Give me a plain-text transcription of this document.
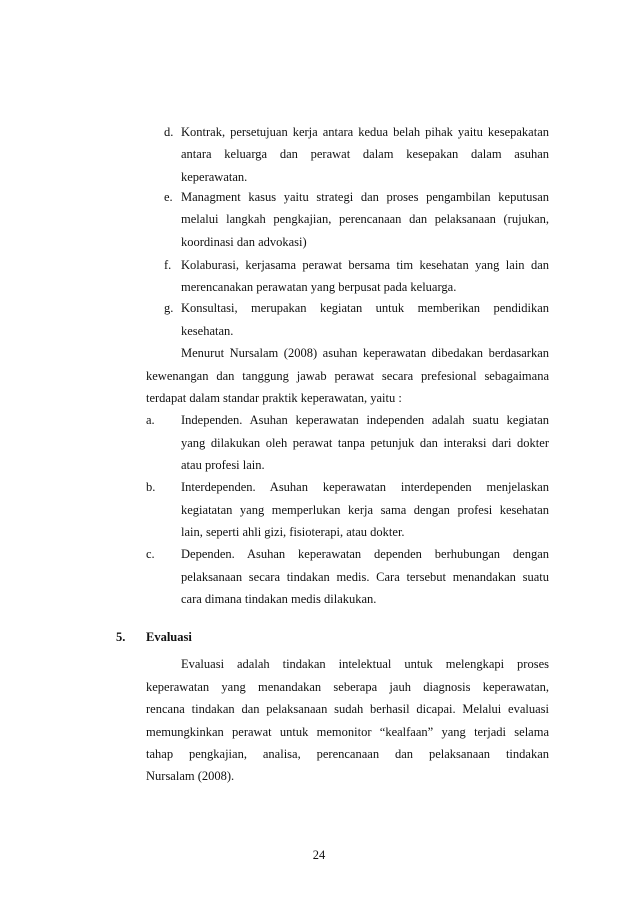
d. Kontrak, persetujuan kerja antara kedua belah pihak yaitu kesepakatan
antara keluarga dan perawat dalam kesepakan dalam asuhan
keperawatan.
e. Managment kasus yaitu strategi dan proses pengambilan keputusan
melalui langkah pengkajian, perencanaan dan pelaksanaan (rujukan,
koordinasi dan advokasi)
f. Kolaburasi, kerjasama perawat bersama tim kesehatan yang lain dan
merencanakan perawatan yang berpusat pada keluarga.
g. Konsultasi, merupakan kegiatan untuk memberikan pendidikan
kesehatan.
Menurut Nursalam (2008) asuhan keperawatan dibedakan berdasarkan
kewenangan dan tanggung jawab perawat secara prefesional sebagaimana
terdapat dalam standar praktik keperawatan, yaitu :
a. Independen. Asuhan keperawatan independen adalah suatu kegiatan
yang dilakukan oleh perawat tanpa petunjuk dan interaksi dari dokter
atau profesi lain.
b. Interdependen. Asuhan keperawatan interdependen menjelaskan
kegiatatan yang memperlukan kerja sama dengan profesi kesehatan
lain, seperti ahli gizi, fisioterapi, atau dokter.
c. Dependen. Asuhan keperawatan dependen berhubungan dengan
pelaksanaan secara tindakan medis. Cara tersebut menandakan suatu
cara dimana tindakan medis dilakukan.
5. Evaluasi
Evaluasi adalah tindakan intelektual untuk melengkapi proses
keperawatan yang menandakan seberapa jauh diagnosis keperawatan,
rencana tindakan dan pelaksanaan sudah berhasil dicapai. Melalui evaluasi
memungkinkan perawat untuk memonitor “kealfaan” yang terjadi selama
tahap pengkajian, analisa, perencanaan dan pelaksanaan tindakan
Nursalam (2008).
24
